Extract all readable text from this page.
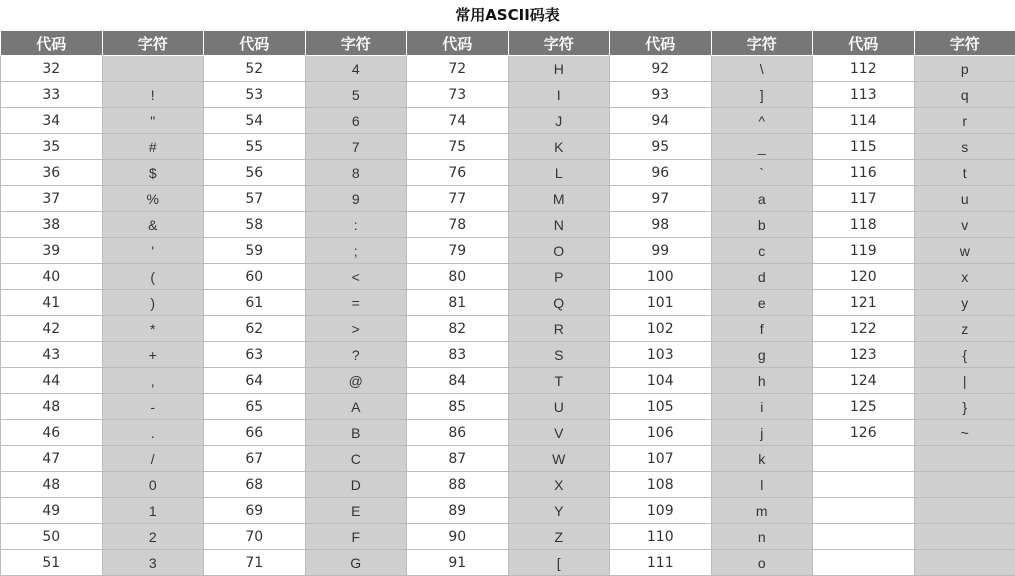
常用ASCII码表
代码	字符	代码	字符	代码	字符	代码	字符	代码	字符
32		52	4	72	H	92	\	112	p
33	!	53	5	73	I	93	]	113	q
34	"	54	6	74	J	94	^	114	r
35	#	55	7	75	K	95	_	115	s
36	$	56	8	76	L	96	`	116	t
37	%	57	9	77	M	97	a	117	u
38	&	58	:	78	N	98	b	118	v
39	'	59	;	79	O	99	c	119	w
40	(	60	<	80	P	100	d	120	x
41	)	61	=	81	Q	101	e	121	y
42	*	62	>	82	R	102	f	122	z
43	+	63	?	83	S	103	g	123	{
44	,	64	@	84	T	104	h	124	|
48	-	65	A	85	U	105	i	125	}
46	.	66	B	86	V	106	j	126	~
47	/	67	C	87	W	107	k		
48	0	68	D	88	X	108	l		
49	1	69	E	89	Y	109	m		
50	2	70	F	90	Z	110	n		
51	3	71	G	91	[	111	o		
